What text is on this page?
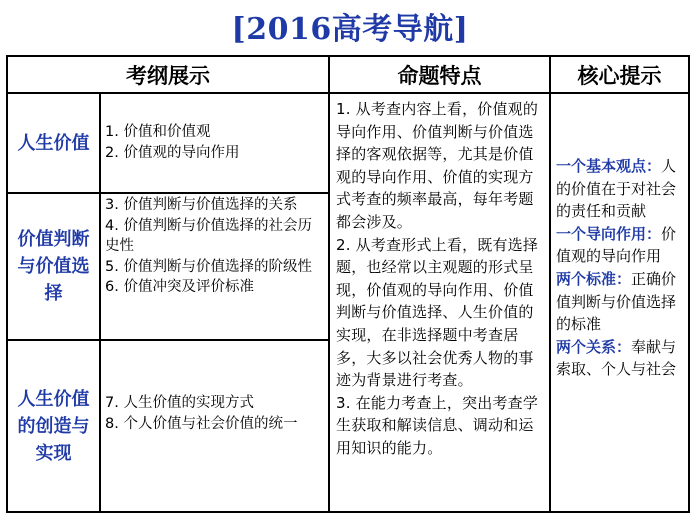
[2016高考导航]
考纲展示	命题特点	核心提示
人生价值
1. 价值和价值观
2. 价值观的导向作用
价值判断
与价值选
择
3. 价值判断与价值选择的关系
4. 价值判断与价值选择的社会历史性
5. 价值判断与价值选择的阶级性
6. 价值冲突及评价标准
人生价值
的创造与
实现
7. 人生价值的实现方式
8. 个人价值与社会价值的统一

1. 从考查内容上看，价值观的导向作用、价值判断与价值选择的客观依据等，尤其是价值观的导向作用、价值的实现方式考查的频率最高，每年考题都会涉及。

2. 从考查形式上看，既有选择题，也经常以主观题的形式呈现，价值观的导向作用、价值判断与价值选择、人生价值的实现，在非选择题中考查居多，大多以社会优秀人物的事迹为背景进行考查。

3. 在能力考查上，突出考查学生获取和解读信息、调动和运用知识的能力。

一个基本观点：人的价值在于对社会的责任和贡献

一个导向作用：价值观的导向作用

两个标准：正确价值判断与价值选择的标准

两个关系：奉献与索取、个人与社会
